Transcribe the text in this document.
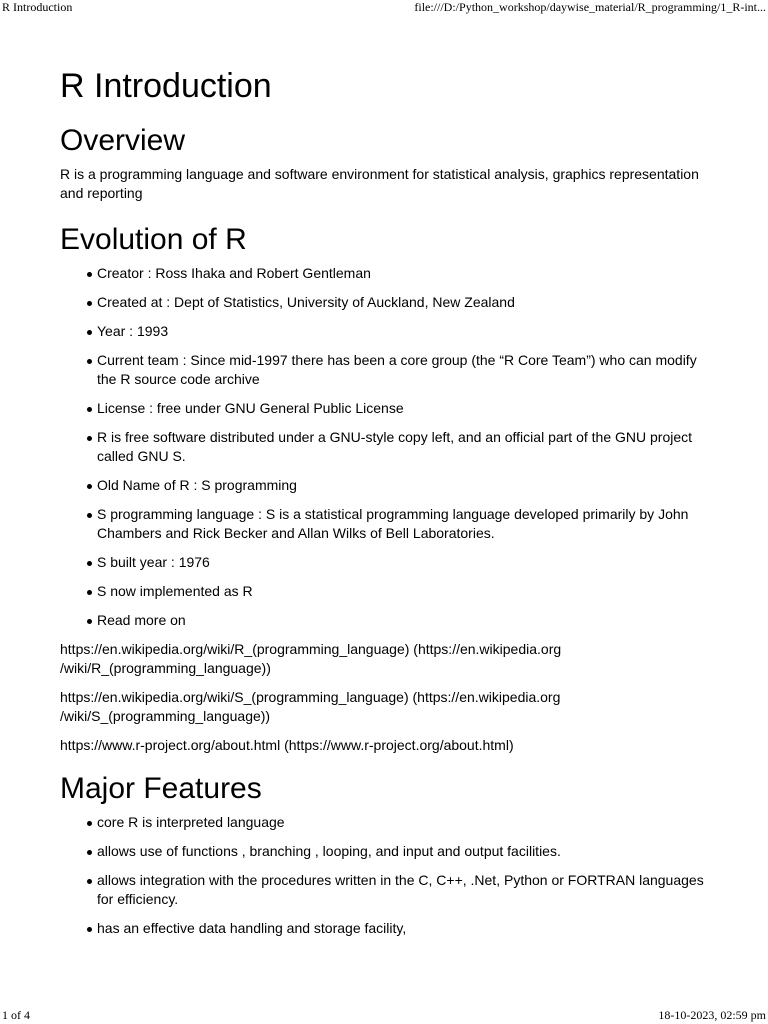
R Introduction	file:///D:/Python_workshop/daywise_material/R_programming/1_R-int...
R Introduction
Overview

R is a programming language and software environment for statistical analysis, graphics representation and reporting

Evolution of R
Creator : Ross Ihaka and Robert Gentleman
Created at : Dept of Statistics, University of Auckland, New Zealand
Year : 1993
Current team : Since mid-1997 there has been a core group (the “R Core Team”) who can modify the R source code archive
License : free under GNU General Public License
R is free software distributed under a GNU-style copy left, and an official part of the GNU project called GNU S.
Old Name of R : S programming
S programming language : S is a statistical programming language developed primarily by John Chambers and Rick Becker and Allan Wilks of Bell Laboratories.
S built year : 1976
S now implemented as R
Read more on

https://en.wikipedia.org/wiki/R_(programming_language) (https://en.wikipedia.org /wiki/R_(programming_language))

https://en.wikipedia.org/wiki/S_(programming_language) (https://en.wikipedia.org /wiki/S_(programming_language))

https://www.r-project.org/about.html (https://www.r-project.org/about.html)

Major Features
core R is interpreted language
allows use of functions , branching , looping, and input and output facilities.
allows integration with the procedures written in the C, C++, .Net, Python or FORTRAN languages for efficiency.
has an effective data handling and storage facility,
1 of 4	18-10-2023, 02:59 pm
